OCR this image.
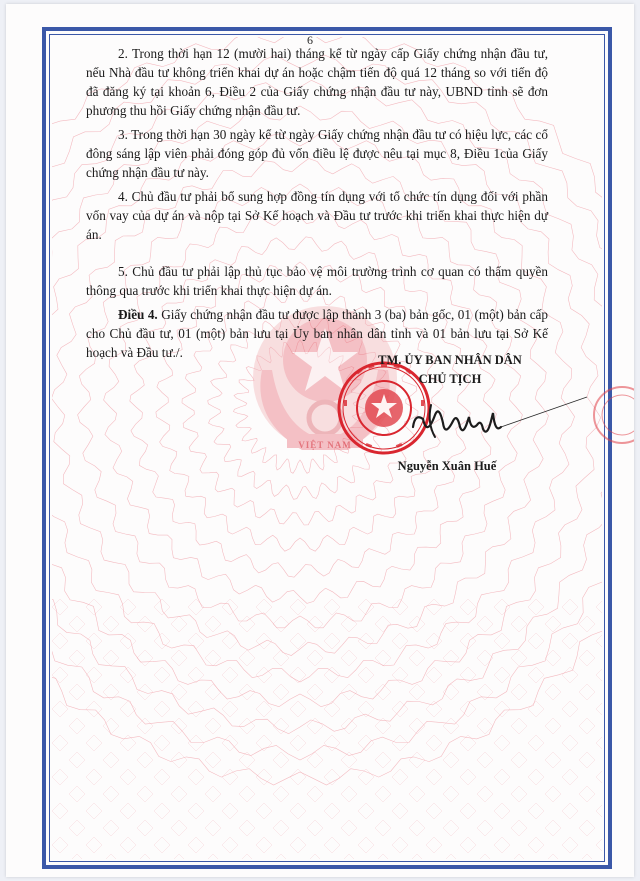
VIỆT NAM
6

2. Trong thời hạn 12 (mười hai) tháng kể từ ngày cấp Giấy chứng nhận đầu tư, nếu Nhà đầu tư không triển khai dự án hoặc chậm tiến độ quá 12 tháng so với tiến độ đã đăng ký tại khoản 6, Điều 2 của Giấy chứng nhận đầu tư này, UBND tỉnh sẽ đơn phương thu hồi Giấy chứng nhận đầu tư.

3. Trong thời hạn 30 ngày kể từ ngày Giấy chứng nhận đầu tư có hiệu lực, các cổ đông sáng lập viên phải đóng góp đủ vốn điều lệ được nêu tại mục 8, Điều 1của Giấy chứng nhận đầu tư này.

4. Chủ đầu tư phải bổ sung hợp đồng tín dụng với tổ chức tín dụng đối với phần vốn vay của dự án và nộp tại Sở Kế hoạch và Đầu tư trước khi triển khai thực hiện dự án.

5. Chủ đầu tư phải lập thủ tục bảo vệ môi trường trình cơ quan có thẩm quyền thông qua trước khi triển khai thực hiện dự án.

Điều 4. Giấy chứng nhận đầu tư được lập thành 3 (ba) bản gốc, 01 (một) bản cấp cho Chủ đầu tư, 01 (một) bản lưu tại Ủy ban nhân dân tỉnh và 01 bản lưu tại Sở Kế hoạch và Đầu tư./.	TM. ỦY BAN NHÂN DÂN
CHỦ TỊCH
Nguyễn Xuân Huế
